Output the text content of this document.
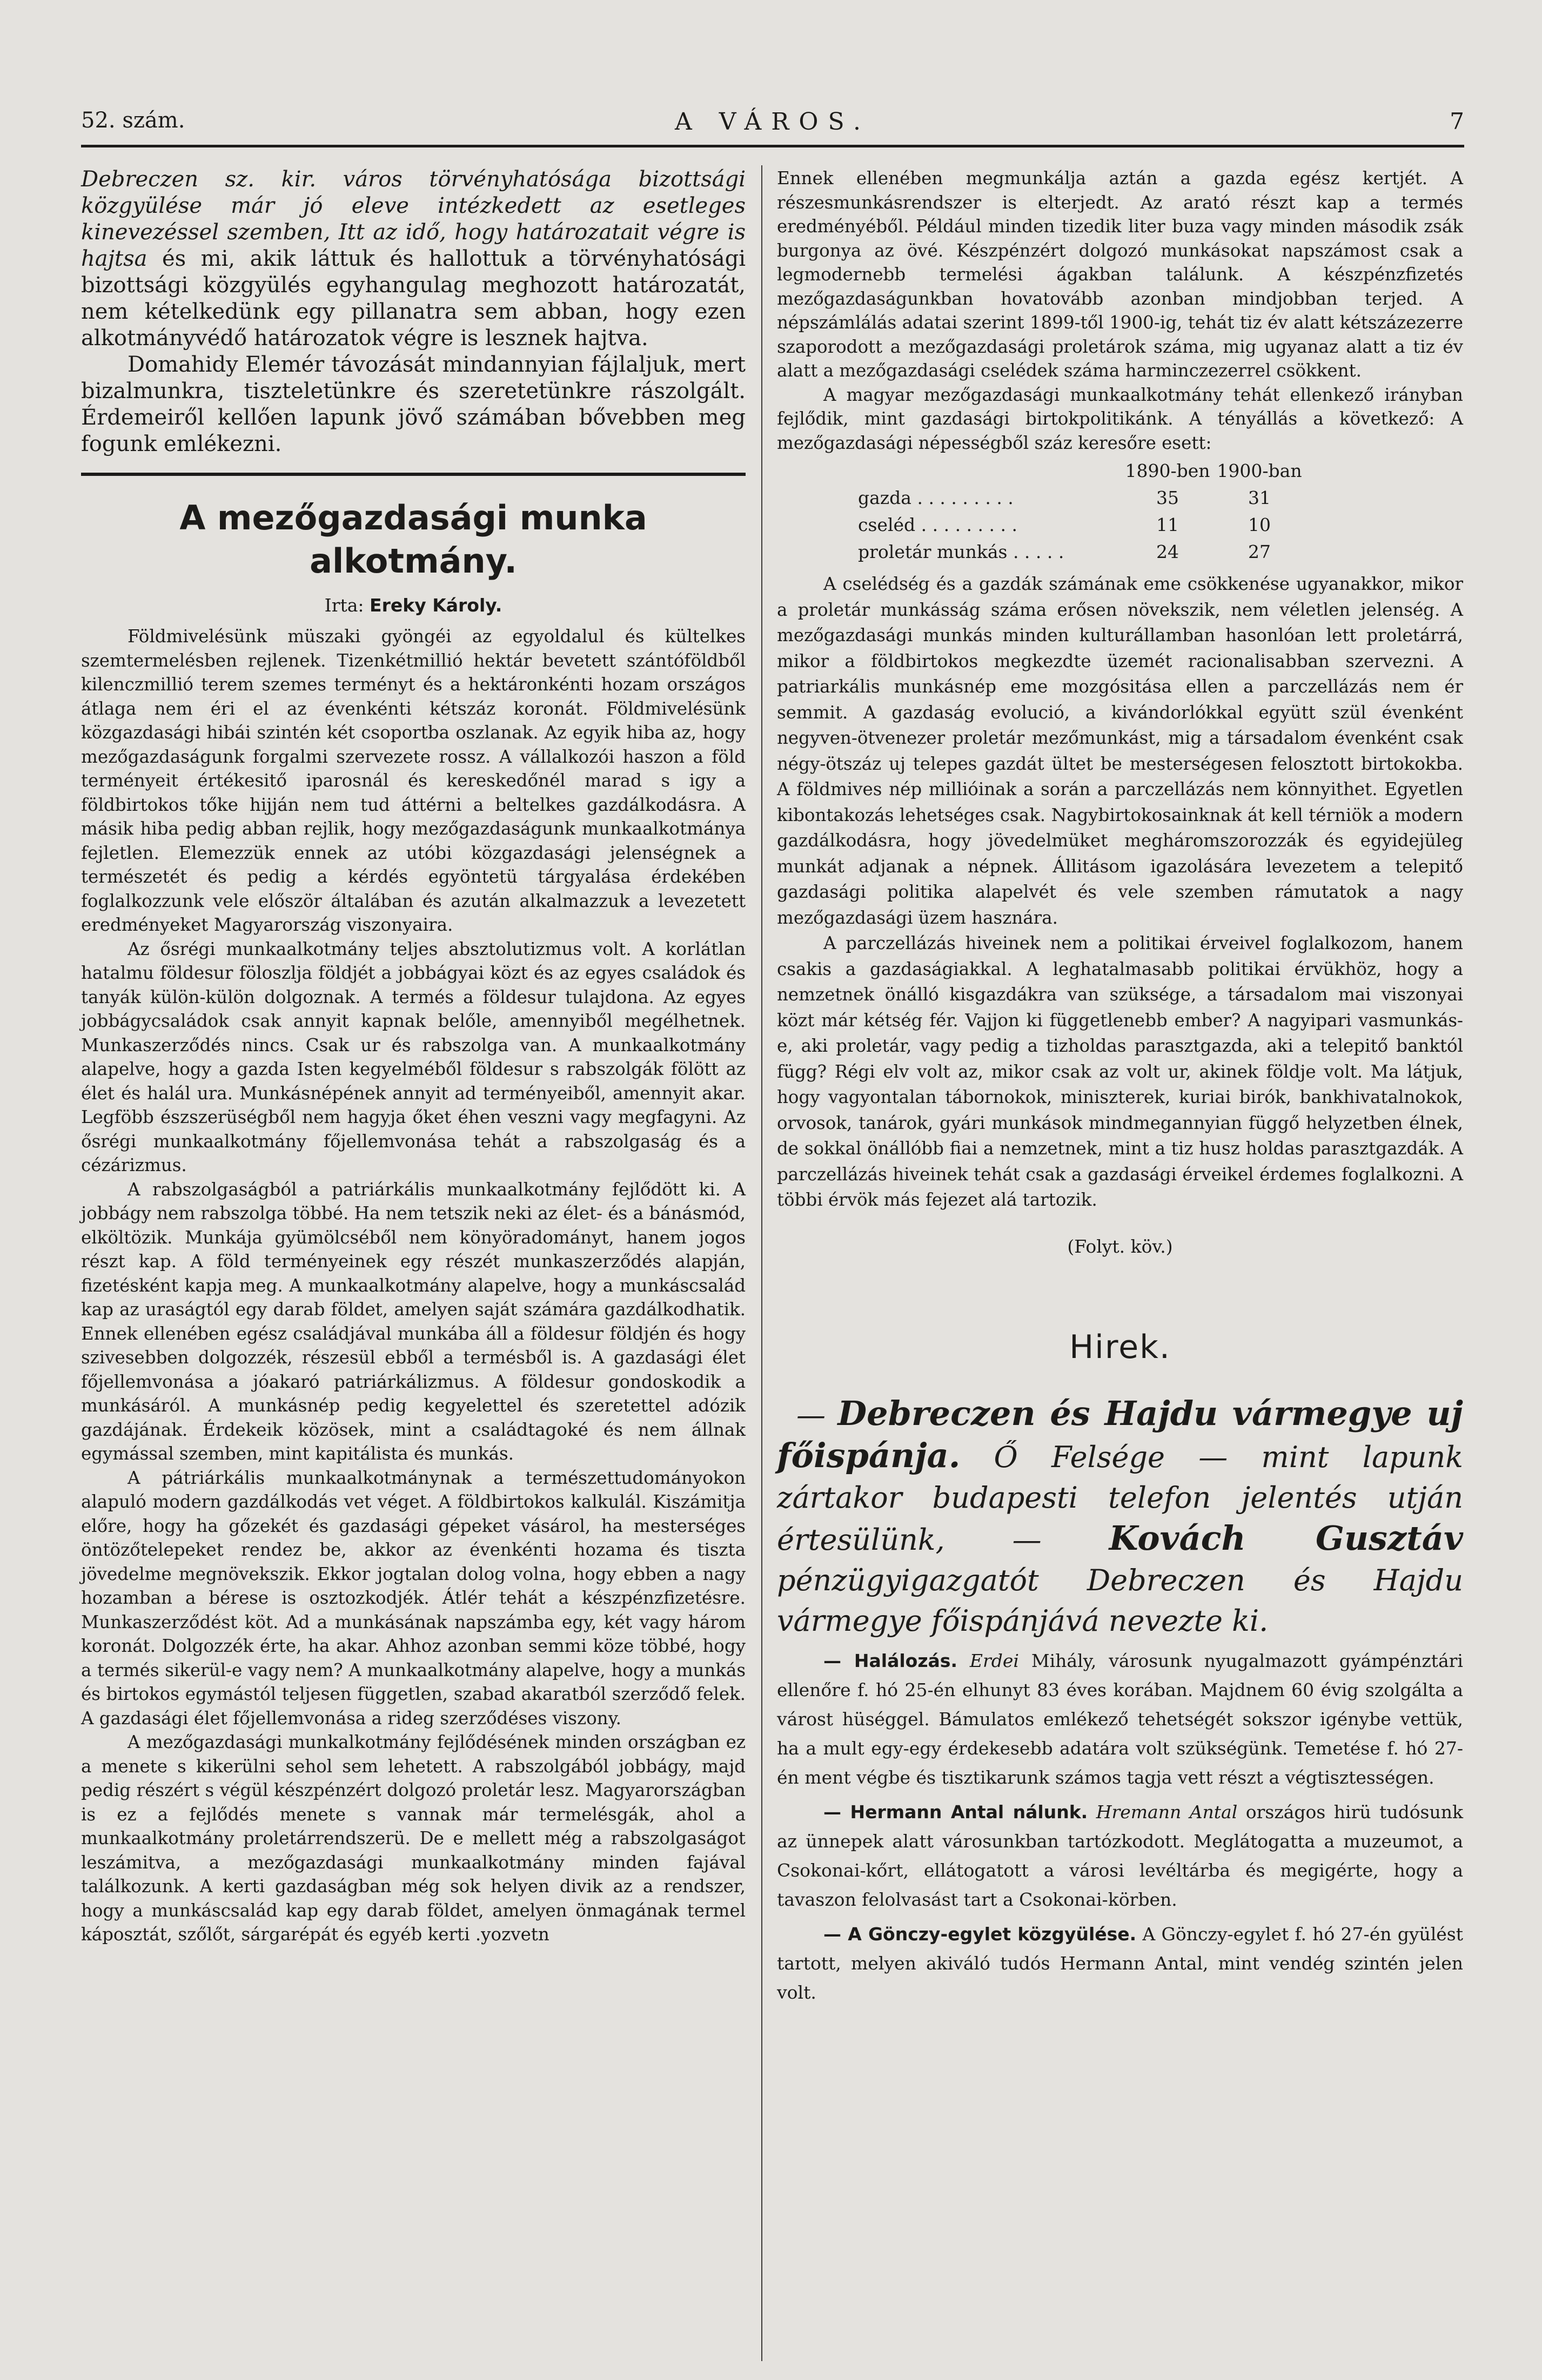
52. szám.	A VÁROS.	7

Debreczen sz. kir. város törvényhatósága bizottsági közgyülése már jó eleve intézkedett az esetleges kinevezéssel szemben, Itt az idő, hogy határozatait végre is hajtsa és mi, akik láttuk és hallottuk a törvényhatósági bizottsági közgyülés egyhangulag meghozott határozatát, nem kételkedünk egy pillanatra sem abban, hogy ezen alkotmányvédő határozatok végre is lesznek hajtva.

Domahidy Elemér távozását mindannyian fájlaljuk, mert bizalmunkra, tiszteletünkre és szeretetünkre rászolgált. Érdemeiről kellően lapunk jövő számában bővebben meg fogunk emlékezni.

A mezőgazdasági munka alkotmány.
Irta: Ereky Károly.

Földmivelésünk müszaki gyöngéi az egyoldalul és kültelkes szemtermelésben rejlenek. Tizenkétmillió hektár bevetett szántóföldből kilenczmillió terem szemes terményt és a hektáronkénti hozam országos átlaga nem éri el az évenkénti kétszáz koronát. Földmivelésünk közgazdasági hibái szintén két csoportba oszlanak. Az egyik hiba az, hogy mezőgazdaságunk forgalmi szervezete rossz. A vállalkozói haszon a föld terményeit értékesitő iparosnál és kereskedőnél marad s igy a földbirtokos tőke hijján nem tud áttérni a beltelkes gazdálkodásra. A másik hiba pedig abban rejlik, hogy mezőgazdaságunk munkaalkotmánya fejletlen. Elemezzük ennek az utóbi közgazdasági jelenségnek a természetét és pedig a kérdés egyöntetü tárgyalása érdekében foglalkozzunk vele először általában és azután alkalmazzuk a levezetett eredményeket Magyarország viszonyaira.

Az ősrégi munkaalkotmány teljes absztolutizmus volt. A korlátlan hatalmu földesur föloszlja földjét a jobbágyai közt és az egyes családok és tanyák külön-külön dolgoznak. A termés a földesur tulajdona. Az egyes jobbágycsaládok csak annyit kapnak belőle, amennyiből megélhetnek. Munkaszerződés nincs. Csak ur és rabszolga van. A munkaalkotmány alapelve, hogy a gazda Isten kegyelméből földesur s rabszolgák fölött az élet és halál ura. Munkásnépének annyit ad terményeiből, amennyit akar. Legföbb észszerüségből nem hagyja őket éhen veszni vagy megfagyni. Az ősrégi munkaalkotmány főjellemvonása tehát a rabszolgaság és a cézárizmus.

A rabszolgaságból a patriárkális munkaalkotmány fejlődött ki. A jobbágy nem rabszolga többé. Ha nem tetszik neki az élet- és a bánásmód, elköltözik. Munkája gyümölcséből nem könyöradományt, hanem jogos részt kap. A föld terményeinek egy részét munkaszerződés alapján, fizetésként kapja meg. A munkaalkotmány alapelve, hogy a munkáscsalád kap az uraságtól egy darab földet, amelyen saját számára gazdálkodhatik. Ennek ellenében egész családjával munkába áll a földesur földjén és hogy szivesebben dolgozzék, részesül ebből a termésből is. A gazdasági élet főjellemvonása a jóakaró patriárkálizmus. A földesur gondoskodik a munkásáról. A munkásnép pedig kegyelettel és szeretettel adózik gazdájának. Érdekeik közösek, mint a családtagoké és nem állnak egymással szemben, mint kapitálista és munkás.

A pátriárkális munkaalkotmánynak a természettudományokon alapuló modern gazdálkodás vet véget. A földbirtokos kalkulál. Kiszámitja előre, hogy ha gőzekét és gazdasági gépeket vásárol, ha mesterséges öntözőtelepeket rendez be, akkor az évenkénti hozama és tiszta jövedelme megnövekszik. Ekkor jogtalan dolog volna, hogy ebben a nagy hozamban a bérese is osztozkodjék. Átlér tehát a készpénzfizetésre. Munkaszerződést köt. Ad a munkásának napszámba egy, két vagy három koronát. Dolgozzék érte, ha akar. Ahhoz azonban semmi köze többé, hogy a termés sikerül-e vagy nem? A munkaalkotmány alapelve, hogy a munkás és birtokos egymástól teljesen független, szabad akaratból szerződő felek. A gazdasági élet főjellemvonása a rideg szerződéses viszony.

A mezőgazdasági munkalkotmány fejlődésének minden országban ez a menete s kikerülni sehol sem lehetett. A rabszolgából jobbágy, majd pedig részért s végül készpénzért dolgozó proletár lesz. Magyarországban is ez a fejlődés menete s vannak már termelésgák, ahol a munkaalkotmány proletárrendszerü. De e mellett még a rabszolgaságot leszámitva, a mezőgazdasági munkaalkotmány minden fajával találkozunk. A kerti gazdaságban még sok helyen divik az a rendszer, hogy a munkáscsalád kap egy darab földet, amelyen önmagának termel káposztát, szőlőt, sárgarépát és egyéb kerti .yozvetn

Ennek ellenében megmunkálja aztán a gazda egész kertjét. A részesmunkásrendszer is elterjedt. Az arató részt kap a termés eredményéből. Például minden tizedik liter buza vagy minden második zsák burgonya az övé. Készpénzért dolgozó munkásokat napszámost csak a legmodernebb termelési ágakban találunk. A készpénzfizetés mezőgazdaságunkban hovatovább azonban mindjobban terjed. A népszámlálás adatai szerint 1899-től 1900-ig, tehát tiz év alatt kétszázezerre szaporodott a mezőgazdasági proletárok száma, mig ugyanaz alatt a tiz év alatt a mezőgazdasági cselédek száma harminczezerrel csökkent.

A magyar mezőgazdasági munkaalkotmány tehát ellenkező irányban fejlődik, mint gazdasági birtokpolitikánk. A tényállás a következő: A mezőgazdasági népességből száz keresőre esett:

	1890-ben	1900-ban
gazda . . . . . . . . .	35	31
cseléd . . . . . . . . .	11	10
proletár munkás . . . . .	24	27

A cselédség és a gazdák számának eme csökkenése ugyanakkor, mikor a proletár munkásság száma erősen növekszik, nem véletlen jelenség. A mezőgazdasági munkás minden kulturállamban hasonlóan lett proletárrá, mikor a földbirtokos megkezdte üzemét racionalisabban szervezni. A patriarkális munkásnép eme mozgósitása ellen a parczellázás nem ér semmit. A gazdaság evolució, a kivándorlókkal együtt szül évenként negyven-ötvenezer proletár mezőmunkást, mig a társadalom évenként csak négy-ötszáz uj telepes gazdát ültet be mesterségesen felosztott birtokokba. A földmives nép millióinak a során a parczellázás nem könnyithet. Egyetlen kibontakozás lehetséges csak. Nagybirtokosainknak át kell térniök a modern gazdálkodásra, hogy jövedelmüket megháromszorozzák és egyidejüleg munkát adjanak a népnek. Állitásom igazolására levezetem a telepitő gazdasági politika alapelvét és vele szemben rámutatok a nagy mezőgazdasági üzem hasznára.

A parczellázás hiveinek nem a politikai érveivel foglalkozom, hanem csakis a gazdaságiakkal. A leghatalmasabb politikai érvükhöz, hogy a nemzetnek önálló kisgazdákra van szüksége, a társadalom mai viszonyai közt már kétség fér. Vajjon ki függetlenebb ember? A nagyipari vasmunkás-e, aki proletár, vagy pedig a tizholdas parasztgazda, aki a telepitő banktól függ? Régi elv volt az, mikor csak az volt ur, akinek földje volt. Ma látjuk, hogy vagyontalan tábornokok, miniszterek, kuriai birók, bankhivatalnokok, orvosok, tanárok, gyári munkások mindmegannyian függő helyzetben élnek, de sokkal önállóbb fiai a nemzetnek, mint a tiz husz holdas parasztgazdák. A parczellázás hiveinek tehát csak a gazdasági érveikel érdemes foglalkozni. A többi érvök más fejezet alá tartozik.

(Folyt. köv.)
Hirek.

— Debreczen és Hajdu vármegye uj főispánja. Ő Felsége — mint lapunk zártakor budapesti telefon jelentés utján értesülünk, — Kovách Gusztáv pénzügyigazgatót Debreczen és Hajdu vármegye főispánjává nevezte ki.

— Halálozás. Erdei Mihály, városunk nyugalmazott gyámpénztári ellenőre f. hó 25-én elhunyt 83 éves korában. Majdnem 60 évig szolgálta a várost hüséggel. Bámulatos emlékező tehetségét sokszor igénybe vettük, ha a mult egy-egy érdekesebb adatára volt szükségünk. Temetése f. hó 27-én ment végbe és tisztikarunk számos tagja vett részt a végtisztességen.

— Hermann Antal nálunk. Hremann Antal országos hirü tudósunk az ünnepek alatt városunkban tartózkodott. Meglátogatta a muzeumot, a Csokonai-kőrt, ellátogatott a városi levéltárba és megigérte, hogy a tavaszon felolvasást tart a Csokonai-körben.

— A Gönczy-egylet közgyülése. A Gönczy-egylet f. hó 27-én gyülést tartott, melyen akiváló tudós Hermann Antal, mint vendég szintén jelen volt.
